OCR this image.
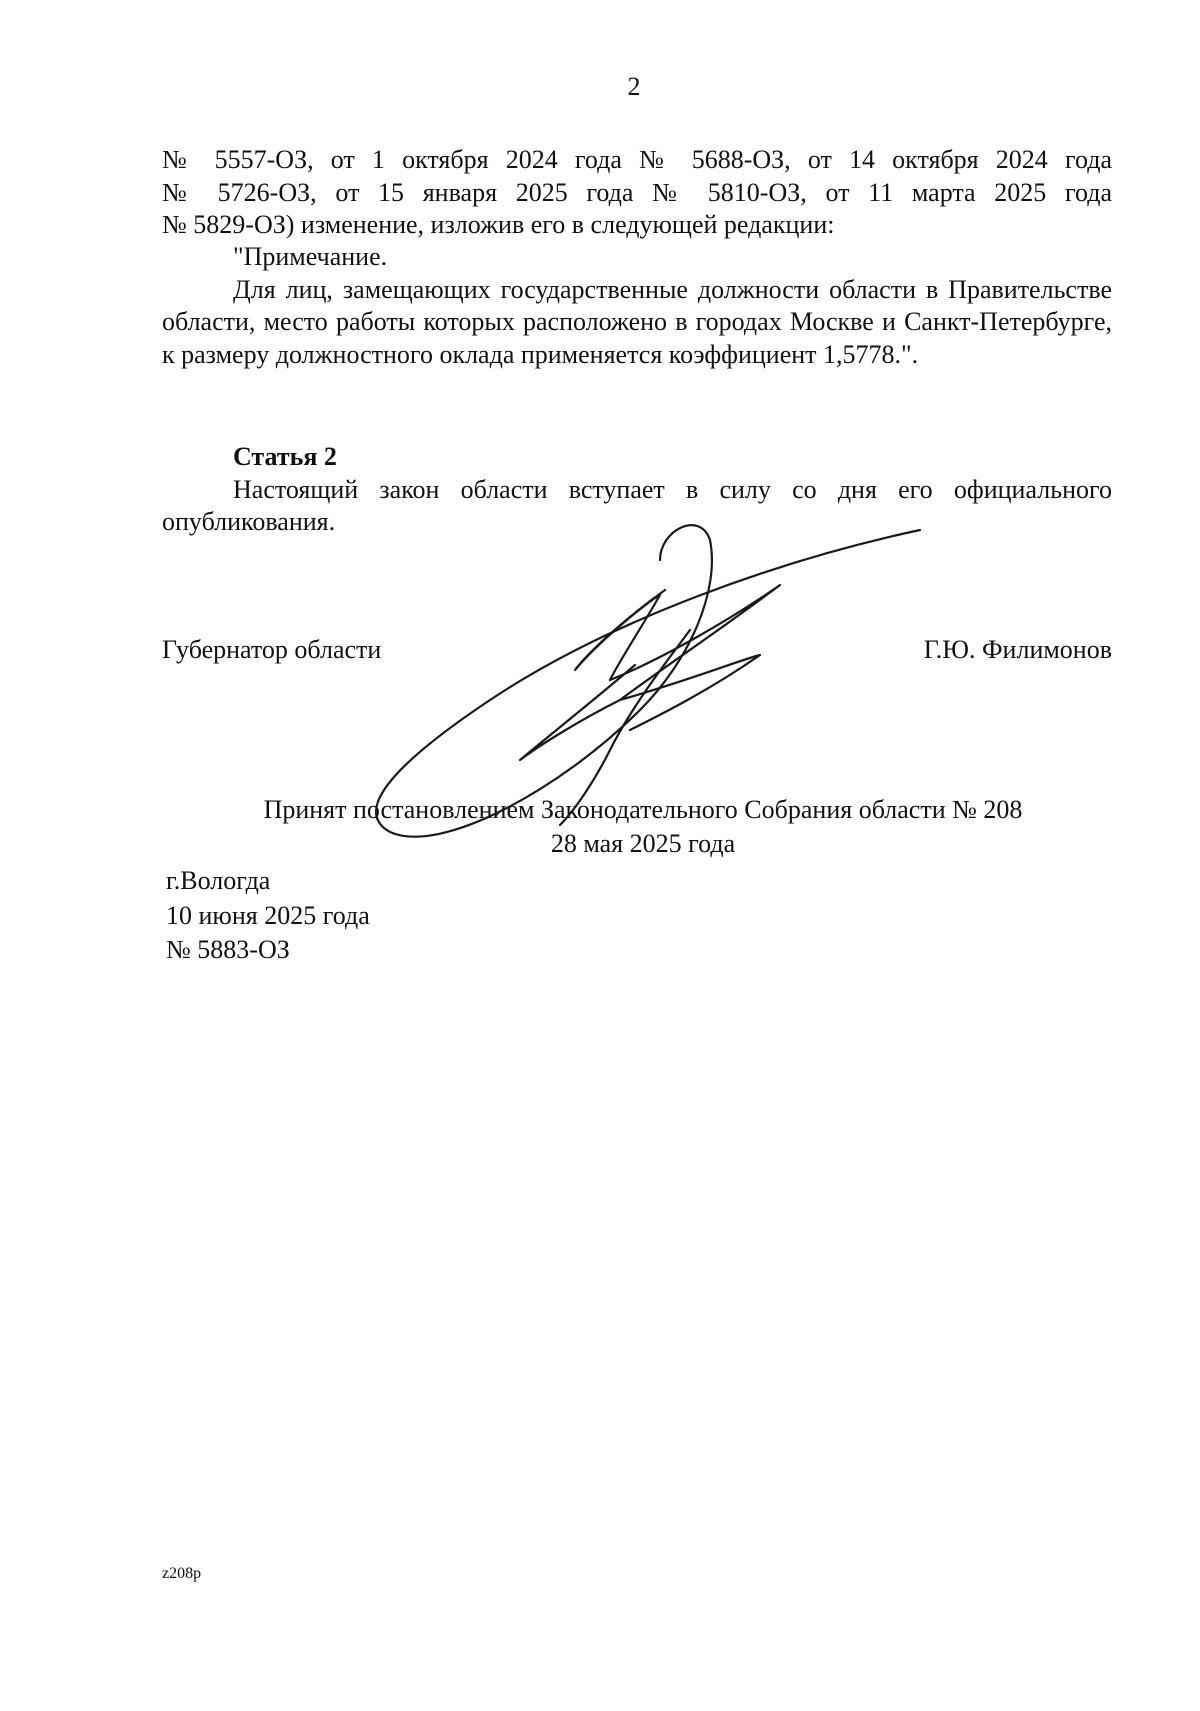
2

№ 5557-ОЗ, от 1 октября 2024 года № 5688-ОЗ, от 14 октября 2024 года

№ 5726-ОЗ, от 15 января 2025 года № 5810-ОЗ, от 11 марта 2025 года

№ 5829-ОЗ) изменение, изложив его в следующей редакции:

"Примечание.

Для лиц, замещающих государственные должности области в Правительстве области, место работы которых расположено в городах Москве и Санкт-Петербурге, к размеру должностного оклада применяется коэффициент 1,5778.".

Статья 2

Настоящий закон области вступает в силу со дня его официального опубликования.

Губернатор области	Г.Ю. Филимонов
Принят постановлением Законодательного Собрания области № 208
28 мая 2025 года
г.Вологда
10 июня 2025 года
№ 5883-ОЗ
z208р
